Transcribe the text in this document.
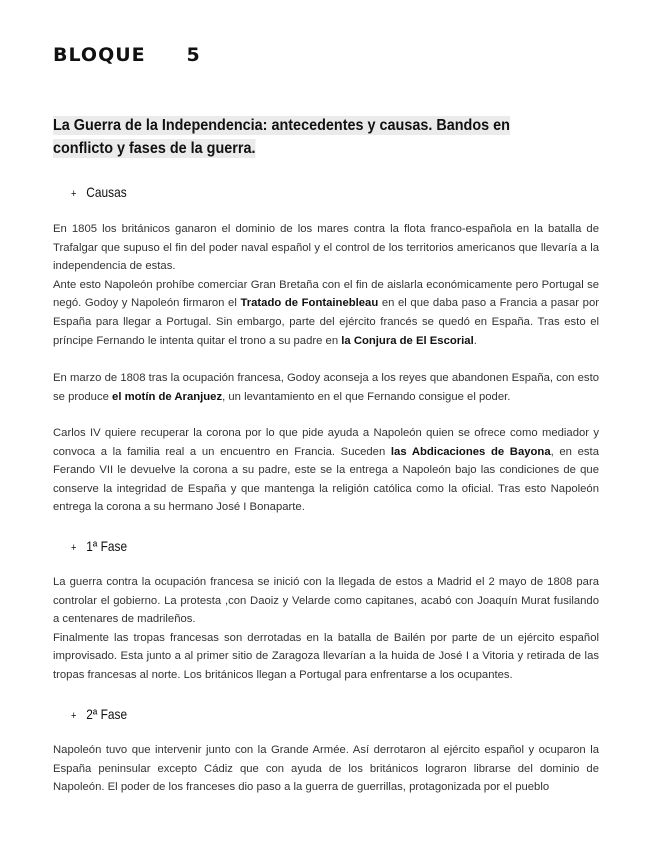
BLOQUE   5
La Guerra de la Independencia: antecedentes y causas. Bandos en conflicto y fases de la guerra.
+ Causas
En 1805 los británicos ganaron el dominio de los mares contra la flota franco-española en la batalla de Trafalgar que supuso el fin del poder naval español y el control de los territorios americanos que llevaría a la independencia de estas.
Ante esto Napoleón prohíbe comerciar Gran Bretaña con el fin de aislarla económicamente pero Portugal se negó. Godoy y Napoleón firmaron el Tratado de Fontainebleau en el que daba paso a Francia a pasar por España para llegar a Portugal. Sin embargo, parte del ejército francés se quedó en España. Tras esto el príncipe Fernando le intenta quitar el trono a su padre en la Conjura de El Escorial.
En marzo de 1808 tras la ocupación francesa, Godoy aconseja a los reyes que abandonen España, con esto se produce el motín de Aranjuez, un levantamiento en el que Fernando consigue el poder.
Carlos IV quiere recuperar la corona por lo que pide ayuda a Napoleón quien se ofrece como mediador y convoca a la familia real a un encuentro en Francia. Suceden las Abdicaciones de Bayona, en esta Ferando VII le devuelve la corona a su padre, este se la entrega a Napoleón bajo las condiciones de que conserve la integridad de España y que mantenga la religión católica como la oficial. Tras esto Napoleón entrega la corona a su hermano José I Bonaparte.
+ 1ª Fase
La guerra contra la ocupación francesa se inició con la llegada de estos a Madrid el 2 mayo de 1808 para controlar el gobierno. La protesta ,con Daoiz y Velarde como capitanes, acabó con Joaquín Murat fusilando a centenares de madrileños.
Finalmente las tropas francesas son derrotadas en la batalla de Bailén por parte de un ejército español improvisado. Esta junto a al primer sitio de Zaragoza llevarían a la huida de José I a Vitoria y retirada de las tropas francesas al norte. Los británicos llegan a Portugal para enfrentarse a los ocupantes.
+ 2ª Fase
Napoleón tuvo que intervenir junto con la Grande Armée. Así derrotaron al ejército español y ocuparon la España peninsular excepto Cádiz que con ayuda de los británicos lograron librarse del dominio de Napoleón. El poder de los franceses dio paso a la guerra de guerrillas, protagonizada por el pueblo
